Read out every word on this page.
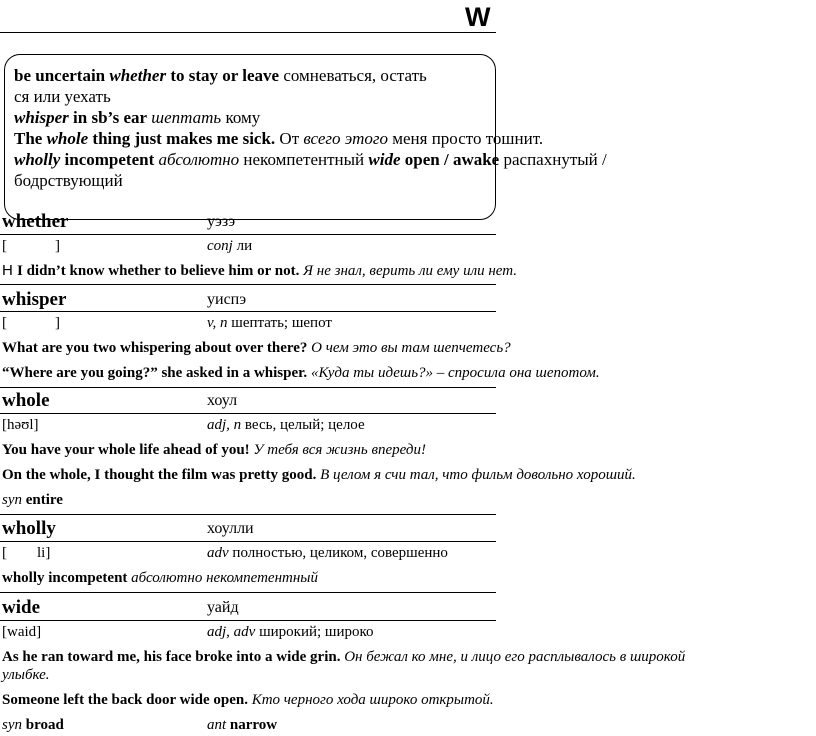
W
be uncertain whether to stay or leave сомневаться, остать
ся или уехать
whisper in sb’s ear шептать кому
The whole thing just makes me sick. От всего этого меня просто тошнит.
wholly incompetent абсолютно некомпетентный wide open / awake распахнутый /
бодрствующий
whether	уэзэ
[	]	conj ли
H I didn’t know whether to believe him or not. Я не знал, верить ли ему или нет.
whisper	уиспэ
[	]	v, n шептать; шепот
What are you two whispering about over there? О чем это вы там шепчетесь?
“Where are you going?” she asked in a whisper. «Куда ты идешь?» – спросила она шепотом.
whole	хоул
[həʊl]	adj, n весь, целый; целое
You have your whole life ahead of you! У тебя вся жизнь впереди!
On the whole, I thought the film was pretty good. В целом я счи тал, что фильм довольно хороший.
syn entire
wholly	хоулли
[ li]	adv полностью, целиком, совершенно
wholly incompetent абсолютно некомпетентный
wide	уайд
[waid]	adj, adv широкий; широко
As he ran toward me, his face broke into a wide grin. Он бежал ко мне, и лицо его расплывалось в широкой
улыбке.
Someone left the back door wide open. Кто черного хода широко открытой.
syn broad	ant narrow
